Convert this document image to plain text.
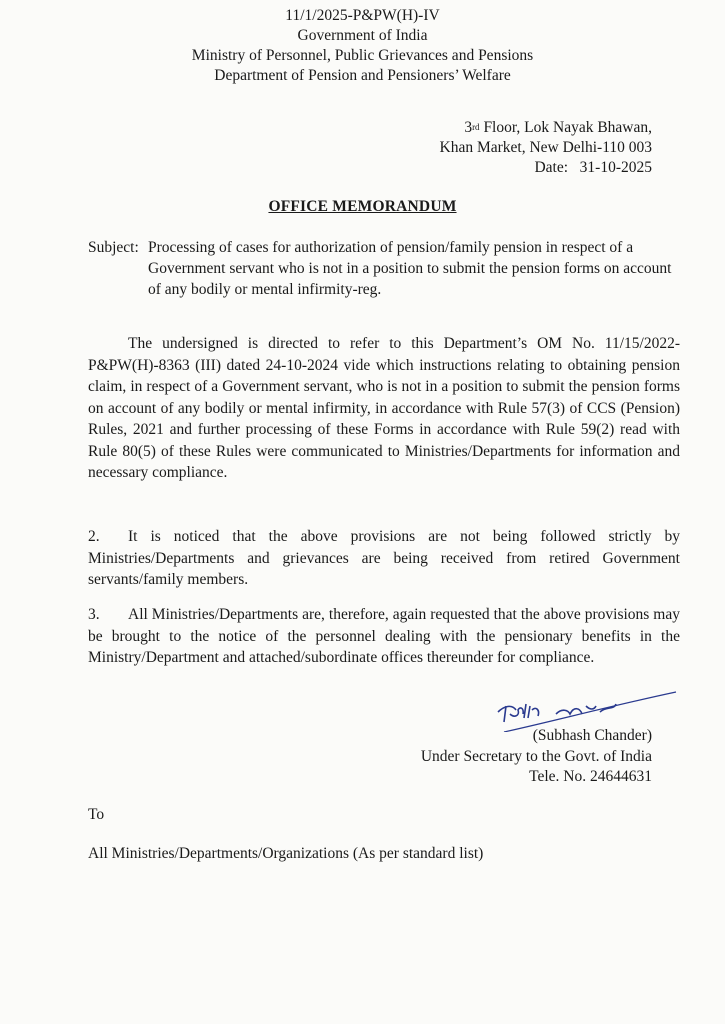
11/1/2025-P&PW(H)-IV
Government of India
Ministry of Personnel, Public Grievances and Pensions
Department of Pension and Pensioners’ Welfare
3rd Floor, Lok Nayak Bhawan,
Khan Market, New Delhi-110 003
Date: 31-10-2025
OFFICE MEMORANDUM
Subject: Processing of cases for authorization of pension/family pension in respect of a Government servant who is not in a position to submit the pension forms on account of any bodily or mental infirmity-reg.
The undersigned is directed to refer to this Department’s OM No. 11/15/2022-P&PW(H)-8363 (III) dated 24-10-2024 vide which instructions relating to obtaining pension claim, in respect of a Government servant, who is not in a position to submit the pension forms on account of any bodily or mental infirmity, in accordance with Rule 57(3) of CCS (Pension) Rules, 2021 and further processing of these Forms in accordance with Rule 59(2) read with Rule 80(5) of these Rules were communicated to Ministries/Departments for information and necessary compliance.
2. It is noticed that the above provisions are not being followed strictly by Ministries/Departments and grievances are being received from retired Government servants/family members.
3. All Ministries/Departments are, therefore, again requested that the above provisions may be brought to the notice of the personnel dealing with the pensionary benefits in the Ministry/Department and attached/subordinate offices thereunder for compliance.
(Subhash Chander)
Under Secretary to the Govt. of India
Tele. No. 24644631
To
All Ministries/Departments/Organizations (As per standard list)
